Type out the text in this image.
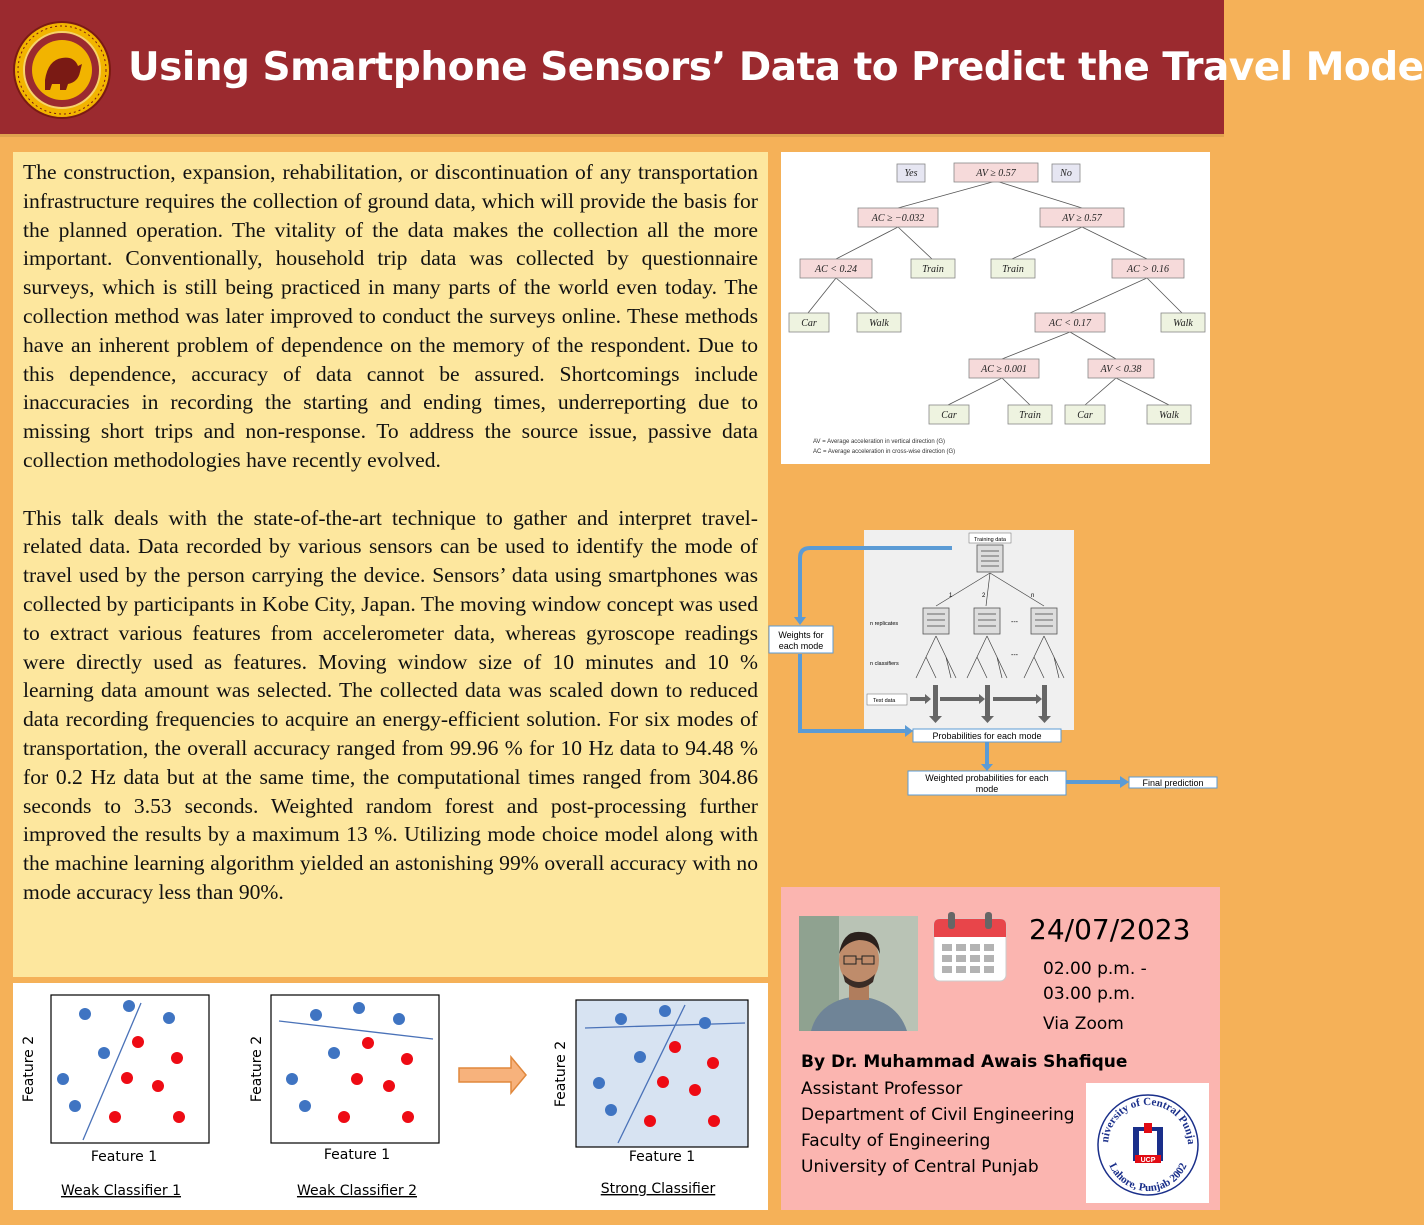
Using Smartphone Sensors’ Data to Predict the Travel Mode

The construction, expansion, rehabilitation, or discontinuation of any transportation infrastructure requires the collection of ground data, which will provide the basis for the planned operation. The vitality of the data makes the collection all the more important. Conventionally, household trip data was collected by questionnaire surveys, which is still being practiced in many parts of the world even today. The collection method was later improved to conduct the surveys online. These methods have an inherent problem of dependence on the memory of the respondent. Due to this dependence, accuracy of data cannot be assured. Shortcomings include inaccuracies in recording the starting and ending times, underreporting due to missing short trips and non-response. To address the source issue, passive data collection methodologies have recently evolved.

This talk deals with the state-of-the-art technique to gather and interpret travel-related data. Data recorded by various sensors can be used to identify the mode of travel used by the person carrying the device. Sensors’ data using smartphones was collected by participants in Kobe City, Japan. The moving window concept was used to extract various features from accelerometer data, whereas gyroscope readings were directly used as features. Moving window size of 10 minutes and 10 % learning data amount was selected. The collected data was scaled down to reduced data recording frequencies to acquire an energy-efficient solution. For six modes of transportation, the overall accuracy ranged from 99.96 % for 10 Hz data to 94.48 % for 0.2 Hz data but at the same time, the computational times ranged from 304.86 seconds to 3.53 seconds. Weighted random forest and post-processing further improved the results by a maximum 13 %. Utilizing mode choice model along with the machine learning algorithm yielded an astonishing 99% overall accuracy with no mode accuracy less than 90%.

Yes	No
AV ≥ 0.57
AC ≥ −0.032	AV ≥ 0.57
AC < 0.24	Train	Train	AC > 0.16
Car	Walk	AC < 0.17	Walk
AC ≥ 0.001	AV < 0.38
Car	Train	Car	Walk
AV = Average acceleration in vertical direction (G)
AC = Average acceleration in cross-wise direction (G)
Training data
1	2	n
n replicates	---
n classifiers
---
Test data
Weights for
each mode
Probabilities for each mode
Weighted probabilities for each
mode
Final prediction
Feature 1
Feature 2
Weak Classifier 1
Feature 1
Feature 2
Weak Classifier 2
Feature 1
Feature 2
Strong Classifier
24/07/2023
02.00 p.m. -
03.00 p.m.
Via Zoom
By Dr. Muhammad Awais Shafique
Assistant Professor
Department of Civil Engineering
Faculty of Engineering
University of Central Punjab
niversity of Central Punja
Lahore, Punjab 2002
UCP
